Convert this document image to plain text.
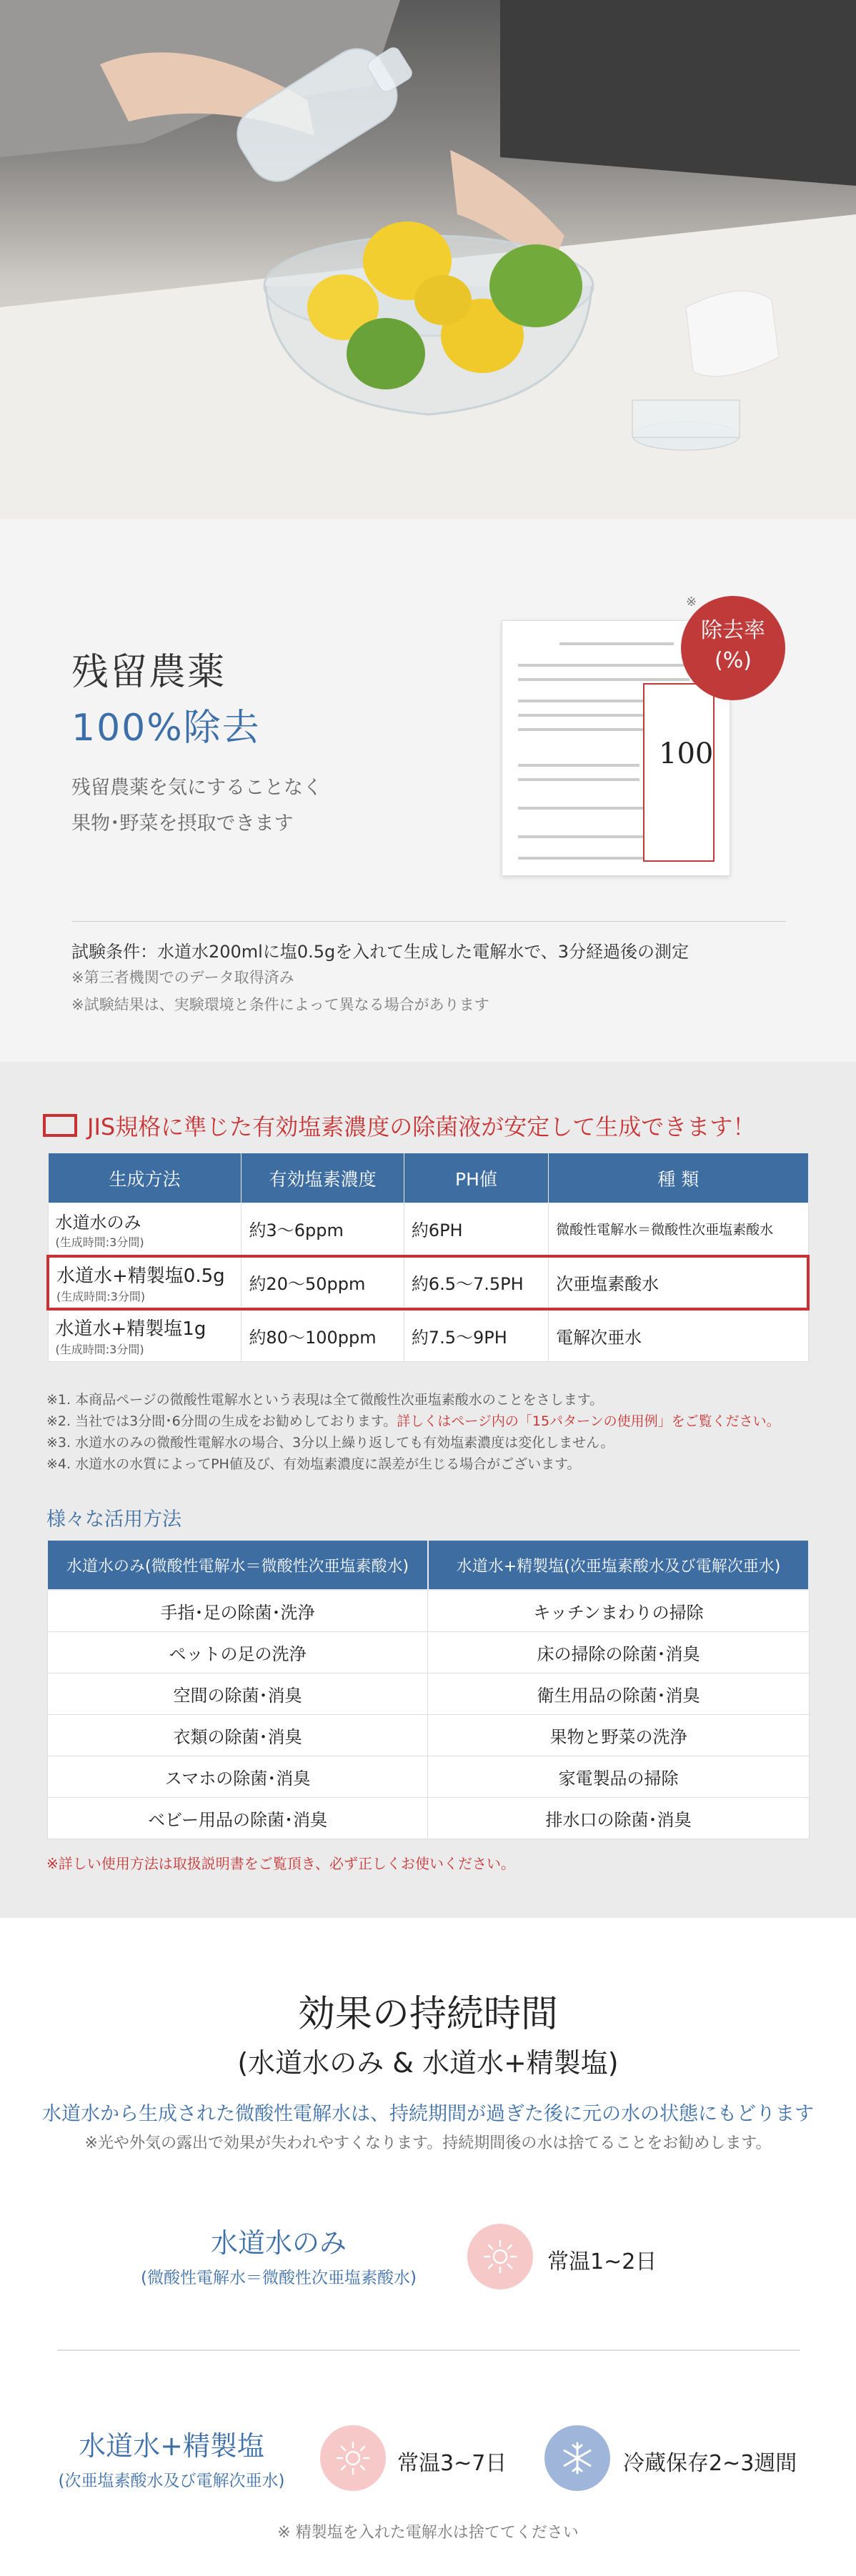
残留農薬
100%除去
残留農薬を気にすることなく
果物･野菜を摂取できます
※
100
除去率
(%)
試験条件：水道水200mlに塩0.5gを入れて生成した電解水で、3分経過後の測定
※第三者機関でのデータ取得済み
※試験結果は、実験環境と条件によって異なる場合があります
JIS規格に準じた有効塩素濃度の除菌液が安定して生成できます！
生成方法	有効塩素濃度	PH値	種 類
水道水のみ
(生成時間:3分間)	約3～6ppm	約6PH	微酸性電解水＝微酸性次亜塩素酸水
水道水+精製塩0.5g
(生成時間:3分間)	約20～50ppm	約6.5～7.5PH	次亜塩素酸水
水道水+精製塩1g
(生成時間:3分間)	約80～100ppm	約7.5～9PH	電解次亜水
※1. 本商品ページの微酸性電解水という表現は全て微酸性次亜塩素酸水のことをさします。
※2. 当社では3分間･6分間の生成をお勧めしております。詳しくはページ内の「15パターンの使用例」をご覧ください。
※3. 水道水のみの微酸性電解水の場合、3分以上繰り返しても有効塩素濃度は変化しません。
※4. 水道水の水質によってPH値及び、有効塩素濃度に誤差が生じる場合がございます。
様々な活用方法
水道水のみ(微酸性電解水＝微酸性次亜塩素酸水)	水道水+精製塩(次亜塩素酸水及び電解次亜水)
手指･足の除菌･洗浄	キッチンまわりの掃除
ペットの足の洗浄	床の掃除の除菌･消臭
空間の除菌･消臭	衛生用品の除菌･消臭
衣類の除菌･消臭	果物と野菜の洗浄
スマホの除菌･消臭	家電製品の掃除
ベビー用品の除菌･消臭	排水口の除菌･消臭
※詳しい使用方法は取扱説明書をご覧頂き、必ず正しくお使いください。
効果の持続時間
(水道水のみ & 水道水+精製塩)
水道水から生成された微酸性電解水は、持続期間が過ぎた後に元の水の状態にもどります
※光や外気の露出で効果が失われやすくなります。持続期間後の水は捨てることをお勧めします。
水道水のみ
(微酸性電解水＝微酸性次亜塩素酸水)
常温1~2日
水道水+精製塩
(次亜塩素酸水及び電解次亜水)
常温3~7日	冷蔵保存2~3週間
※ 精製塩を入れた電解水は捨ててください
